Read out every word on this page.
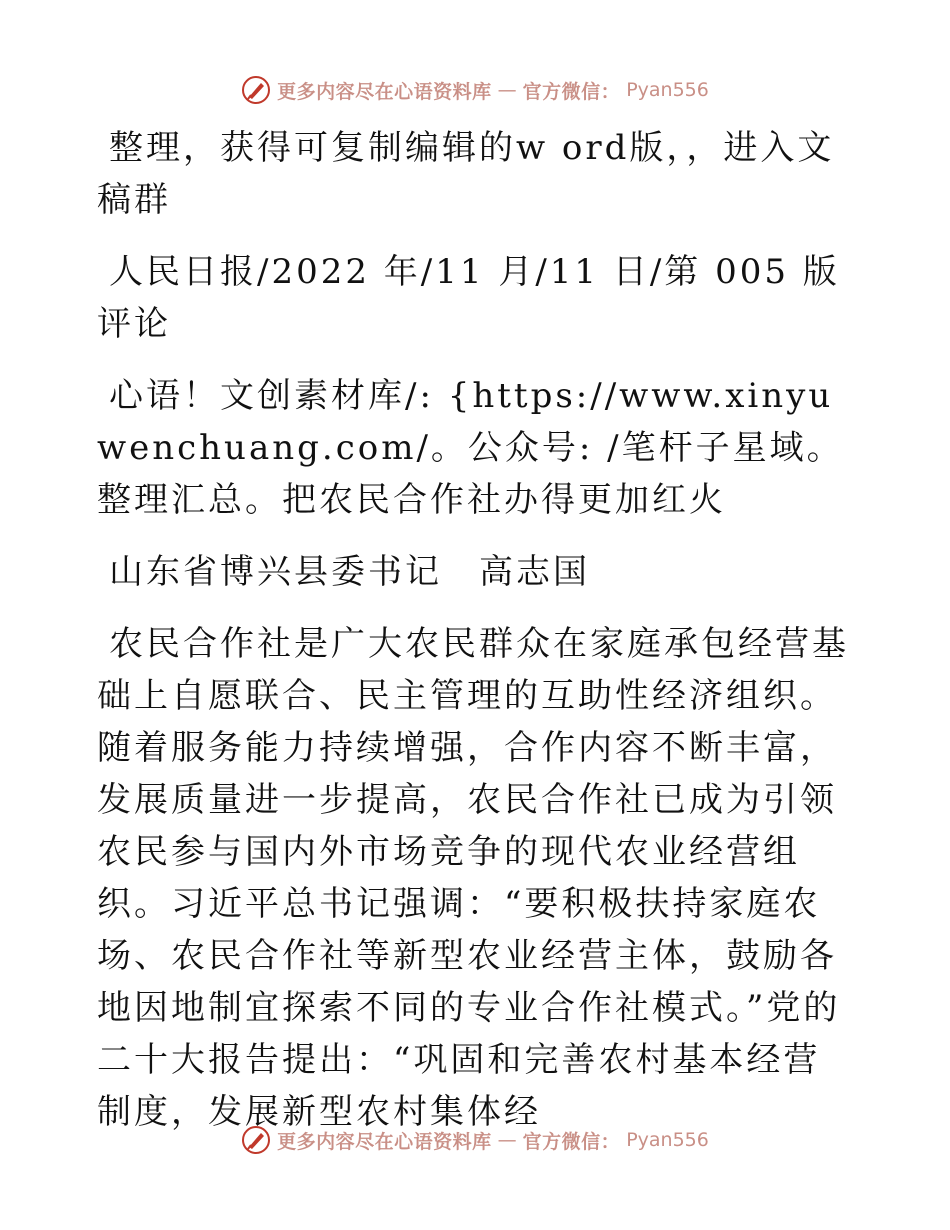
更多内容尽在心语资料库 — 官方微信： Pyan556

整理，获得可复制编辑的w ord版，，进入文稿群

人民日报/2022 年/11 月/11 日/第 005 版评论

心语！文创素材库/: {https://www.xinyuwenchuang.com/。公众号: /笔杆子星域。整理汇总。把农民合作社办得更加红火

山东省博兴县委书记　高志国

农民合作社是广大农民群众在家庭承包经营基础上自愿联合、民主管理的互助性经济组织。随着服务能力持续增强，合作内容不断丰富，发展质量进一步提高，农民合作社已成为引领农民参与国内外市场竞争的现代农业经营组织。习近平总书记强调：“要积极扶持家庭农场、农民合作社等新型农业经营主体，鼓励各地因地制宜探索不同的专业合作社模式。”党的二十大报告提出：“巩固和完善农村基本经营制度，发展新型农村集体经

更多内容尽在心语资料库 — 官方微信： Pyan556
